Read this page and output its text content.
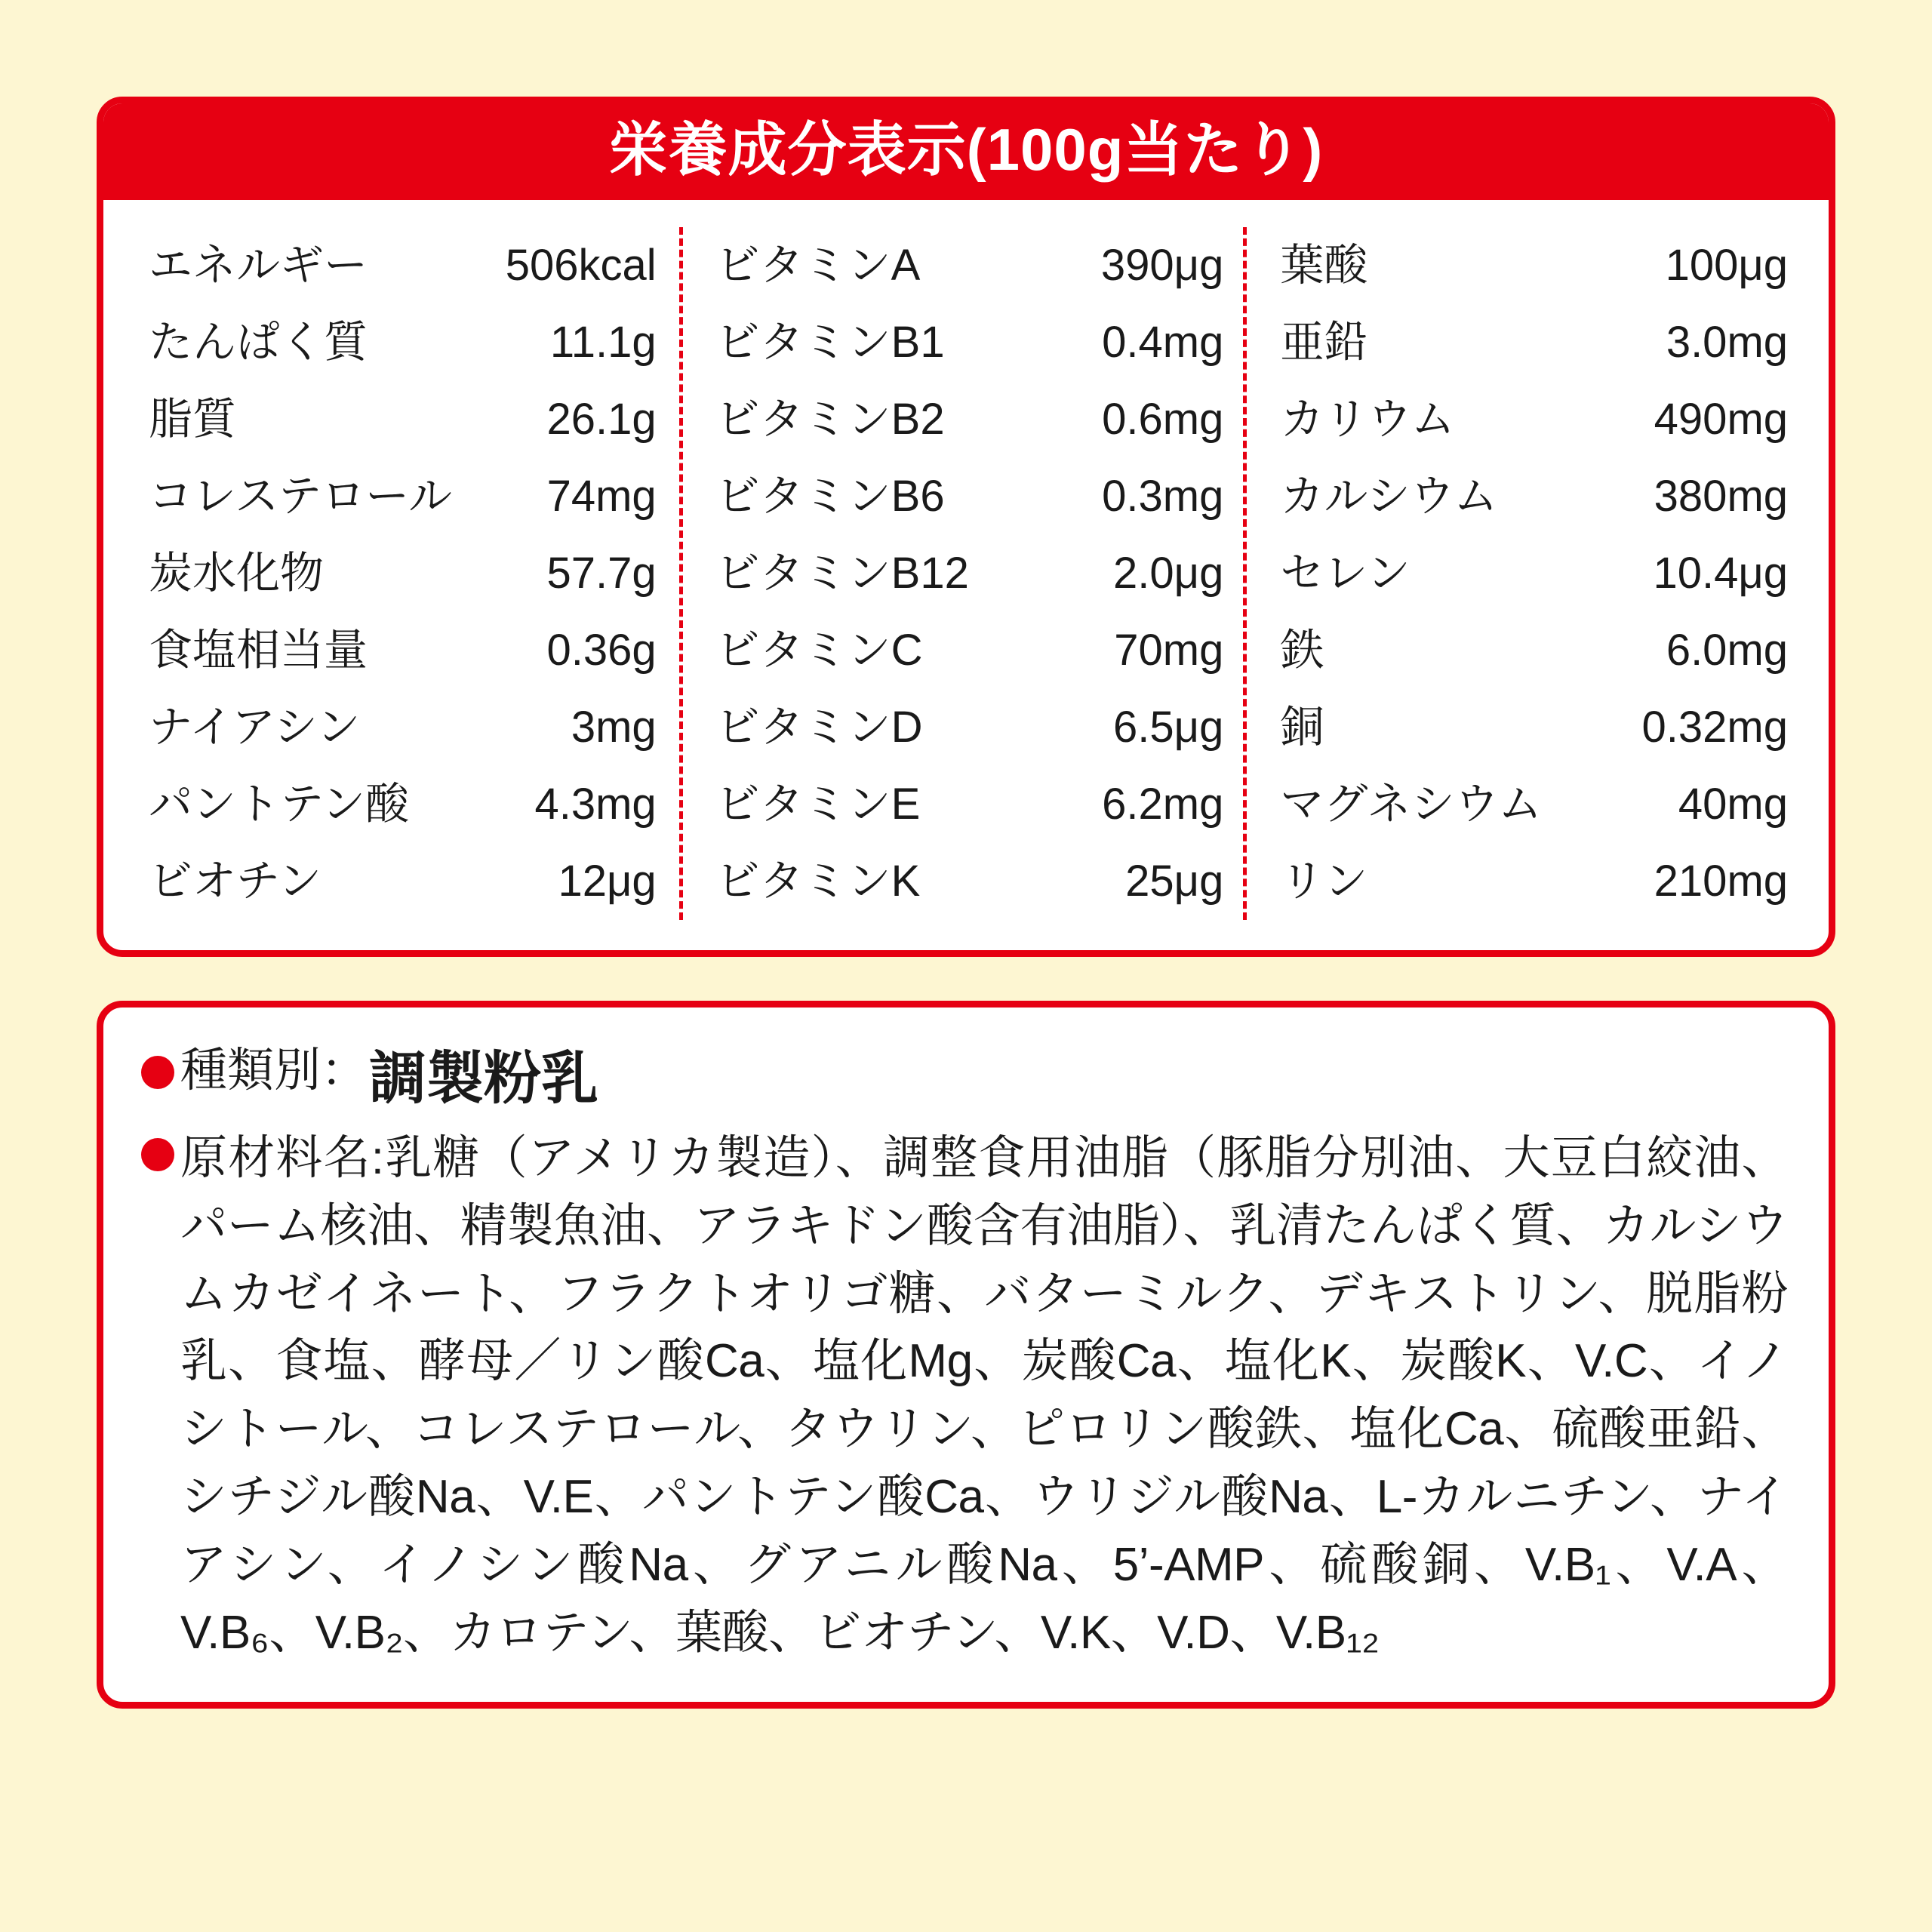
栄養成分表示(100g当たり)
エネルギー	506kcal
たんぱく質	11.1g
脂質	26.1g
コレステロール 74mg
炭水化物	57.7g
食塩相当量	0.36g
ナイアシン	3mg
パントテン酸	4.3mg
ビオチン	12μg
ビタミンA	390μg
ビタミンB1	0.4mg
ビタミンB2	0.6mg
ビタミンB6	0.3mg
ビタミンB12	2.0μg
ビタミンC	70mg
ビタミンD	6.5μg
ビタミンE	6.2mg
ビタミンK	25μg
葉酸	100μg
亜鉛	3.0mg
カリウム	490mg
カルシウム	380mg
セレン	10.4μg
鉄	6.0mg
銅	0.32mg
マグネシウム	40mg
リン	210mg
種類別： 調製粉乳
原材料名:乳糖（アメリカ製造）、調整食用油脂（豚脂分別油、大豆白絞油、パーム核油、精製魚油、アラキドン酸含有油脂）、乳清たんぱく質、カルシウムカゼイネート、フラクトオリゴ糖、バターミルク、デキストリン、脱脂粉乳、食塩、酵母／リン酸Ca、塩化Mg、炭酸Ca、塩化K、炭酸K、V.C、イノシトール、コレステロール、タウリン、ピロリン酸鉄、塩化Ca、硫酸亜鉛、シチジル酸Na、V.E、パントテン酸Ca、ウリジル酸Na、L-カルニチン、ナイアシン、イノシン酸Na、グアニル酸Na、5’-AMP、硫酸銅、V.B₁、V.A、V.B₆、V.B₂、カロテン、葉酸、ビオチン、V.K、V.D、V.B₁₂
